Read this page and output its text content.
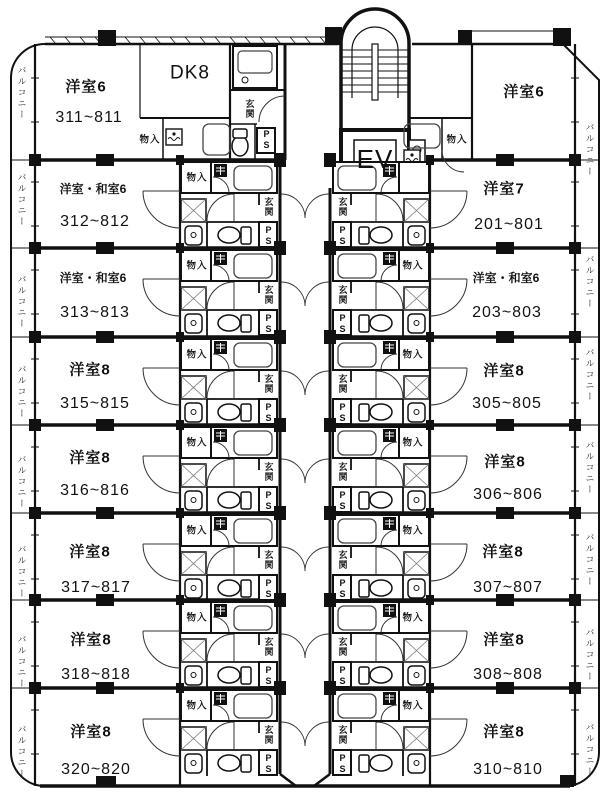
洋室6
311~811
洋室・和室6
312~812
洋室・和室6
313~813
洋室8
315~815
洋室8
316~816
洋室8
317~817
洋室8
318~818
洋室8
320~820
洋室6
洋室7
201~801
洋室・和室6
203~803
洋室8
305~805
洋室8
306~806
洋室8
307~807
洋室8
308~808
洋室8
310~810
DK8
EV
バルコニー
バルコニー
バルコニー
バルコニー
バルコニー
バルコニー
バルコニー
バルコニー
バルコニー
バルコニー
バルコニー
バルコニー
バルコニー
バルコニー
バルコニー
玄関
玄関	玄関
玄関	玄関
玄関	玄関
玄関	玄関
玄関	玄関
玄関	玄関
玄関	玄関
PS
PS	PS
PS	PS
PS	PS
PS	PS
PS	PS
PS	PS
PS	PS
物入	物入
物入
物入	物入
物入	物入
物入	物入
物入	物入
物入	物入
物入	物入
